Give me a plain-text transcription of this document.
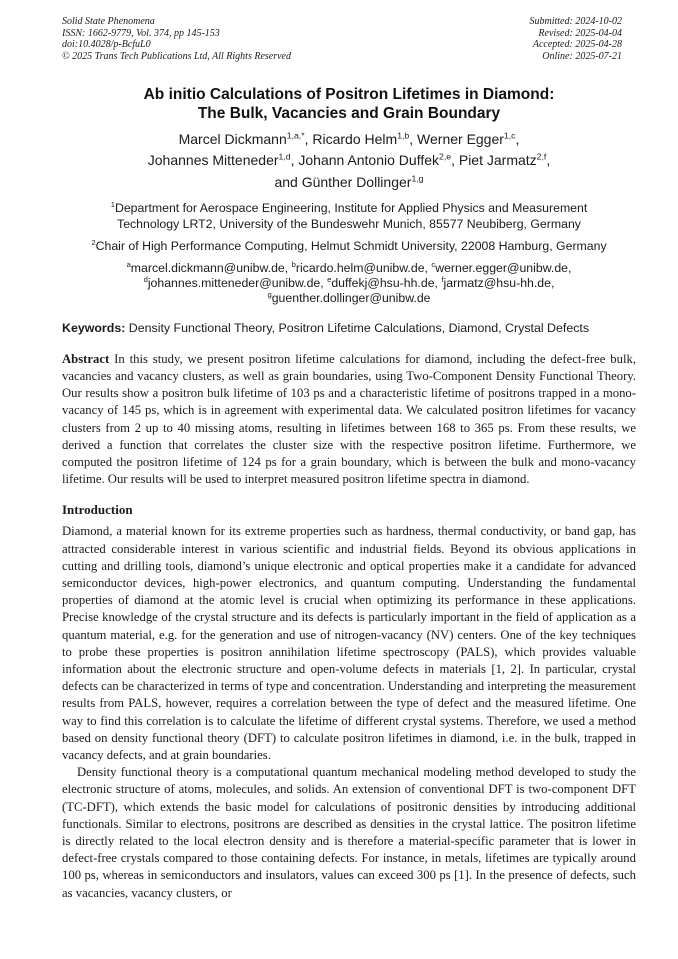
Solid State Phenomena
ISSN: 1662-9779, Vol. 374, pp 145-153
doi:10.4028/p-BcfuL0
© 2025 Trans Tech Publications Ltd, All Rights Reserved
Submitted: 2024-10-02
Revised: 2025-04-04
Accepted: 2025-04-28
Online: 2025-07-21
Ab initio Calculations of Positron Lifetimes in Diamond:
The Bulk, Vacancies and Grain Boundary
Marcel Dickmann$^{1,a,*}$, Ricardo Helm$^{1,b}$, Werner Egger$^{1,c}$,
Johannes Mitteneder$^{1,d}$, Johann Antonio Duffek$^{2,e}$, Piet Jarmatz$^{2,f}$,
and Günther Dollinger$^{1,g}$
$^1$Department for Aerospace Engineering, Institute for Applied Physics and Measurement
Technology LRT2, University of the Bundeswehr Munich, 85577 Neubiberg, Germany
$^2$Chair of High Performance Computing, Helmut Schmidt University, 22008 Hamburg, Germany
$^a$marcel.dickmann@unibw.de, $^b$ricardo.helm@unibw.de, $^c$werner.egger@unibw.de,
$^d$johannes.mitteneder@unibw.de, $^e$duffekj@hsu-hh.de, $^f$jarmatz@hsu-hh.de,
$^g$guenther.dollinger@unibw.de
Keywords: Density Functional Theory, Positron Lifetime Calculations, Diamond, Crystal Defects

Abstract In this study, we present positron lifetime calculations for diamond, including the defect-free bulk, vacancies and vacancy clusters, as well as grain boundaries, using Two-Component Density Functional Theory. Our results show a positron bulk lifetime of 103 ps and a characteristic lifetime of positrons trapped in a mono-vacancy of 145 ps, which is in agreement with experimental data. We calculated positron lifetimes for vacancy clusters from 2 up to 40 missing atoms, resulting in lifetimes between 168 to 365 ps. From these results, we derived a function that correlates the cluster size with the respective positron lifetime. Furthermore, we computed the positron lifetime of 124 ps for a grain boundary, which is between the bulk and mono-vacancy lifetime. Our results will be used to interpret measured positron lifetime spectra in diamond.

Introduction

Diamond, a material known for its extreme properties such as hardness, thermal conductivity, or band gap, has attracted considerable interest in various scientific and industrial fields. Beyond its obvious applications in cutting and drilling tools, diamond’s unique electronic and optical properties make it a candidate for advanced semiconductor devices, high-power electronics, and quantum computing. Understanding the fundamental properties of diamond at the atomic level is crucial when optimizing its performance in these applications. Precise knowledge of the crystal structure and its defects is particularly important in the field of application as a quantum material, e.g. for the generation and use of nitrogen-vacancy (NV) centers. One of the key techniques to probe these properties is positron annihilation lifetime spectroscopy (PALS), which provides valuable information about the electronic structure and open-volume defects in materials [1, 2]. In particular, crystal defects can be characterized in terms of type and concentration. Understanding and interpreting the measurement results from PALS, however, requires a correlation between the type of defect and the measured lifetime. One way to find this correlation is to calculate the lifetime of different crystal systems. Therefore, we used a method based on density functional theory (DFT) to calculate positron lifetimes in diamond, i.e. in the bulk, trapped in vacancy defects, and at grain boundaries.

Density functional theory is a computational quantum mechanical modeling method developed to study the electronic structure of atoms, molecules, and solids. An extension of conventional DFT is two-component DFT (TC-DFT), which extends the basic model for calculations of positronic densities by introducing additional functionals. Similar to electrons, positrons are described as densities in the crystal lattice. The positron lifetime is directly related to the local electron density and is therefore a material-specific parameter that is lower in defect-free crystals compared to those containing defects. For instance, in metals, lifetimes are typically around 100 ps, whereas in semiconductors and insulators, values can exceed 300 ps [1]. In the presence of defects, such as vacancies, vacancy clusters, or
